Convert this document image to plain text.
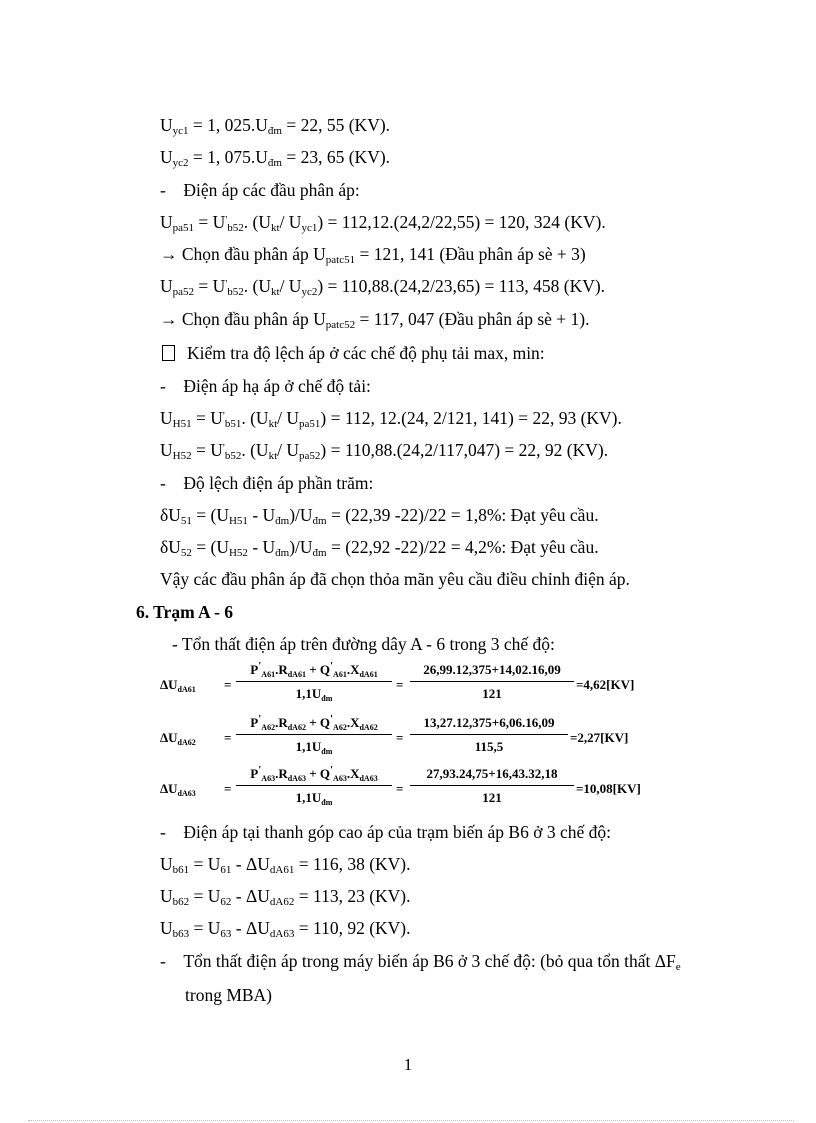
$U_{yc1} = 1$, $025.U_{đm} = 22$, 55 (KV).
$U_{yc2} = 1$, $075.U_{đm} = 23$, 65 (KV).
-    Điện áp các đầu phân áp:
$U_{pa51} = U'_{b52}$. ($U_{kt}/$ $U_{yc1}) = 112,12.(24,2/22,55) = 120$, 324 (KV).
→ Chọn đầu phân áp $U_{patc51} = 121$, 141 (Đầu phân áp sè + 3)
$U_{pa52} = U'_{b52}$. ($U_{kt}/$ $U_{yc2}) = 110,88.(24,2/23,65) = 113$, 458 (KV).
→ Chọn đầu phân áp $U_{patc52} = 117$, 047 (Đầu phân áp sè + 1).
Kiểm tra độ lệch áp ở các chế độ phụ tải max, min:
-    Điện áp hạ áp ở chế độ tải:
$U_{H51} = U'_{b51}$. ($U_{kt}/$ $U_{pa51}) = 112$, 12.(24, 2/121, 141) = 22, 93 (KV).
$U_{H52} = U'_{b52}$. ($U_{kt}/$ $U_{pa52}) = 110,88.(24,2/117,047) = 22$, 92 (KV).
-    Độ lệch điện áp phần trăm:
$\delta U_{51} = (U_{H51} - U_{đm})/U_{đm} = (22,39$ -22)/22 = 1,8%: Đạt yêu cầu.
$\delta U_{52} = (U_{H52} - U_{đm})/U_{đm} = (22,92$ -22)/22 = 4,2%: Đạt yêu cầu.
Vậy các đầu phân áp đã chọn thỏa mãn yêu cầu điều chỉnh điện áp.
6. Trạm A - 6
- Tổn thất điện áp trên đường dây A - 6 trong 3 chế độ:
$\Delta U_{dA61}$ =
$P'_{A61}.R_{dA61} + Q'_{A61}.X_{dA61}$
$1,1U_{đm}$
=
26,99.12,375+14,02.16,09
121
=4,62[KV]
$\Delta U_{dA62}$ =
$P'_{A62}.R_{dA62} + Q'_{A62}.X_{dA62}$
$1,1U_{đm}$
=
13,27.12,375+6,06.16,09
115,5
=2,27[KV]
$\Delta U_{dA63}$ =
$P'_{A63}.R_{dA63} + Q'_{A63}.X_{dA63}$
$1,1U_{đm}$
=
27,93.24,75+16,43.32,18
121
=10,08[KV]
-    Điện áp tại thanh góp cao áp của trạm biến áp B6 ở 3 chế độ:
$U_{b61} = U_{61} - \Delta U_{dA61} = 116$, 38 (KV).
$U_{b62} = U_{62} - \Delta U_{dA62} = 113$, 23 (KV).
$U_{b63} = U_{63} - \Delta U_{dA63} = 110$, 92 (KV).
-    Tổn thất điện áp trong máy biến áp B6 ở 3 chế độ: (bỏ qua tổn thất $\Delta F_e$
trong MBA)
1
